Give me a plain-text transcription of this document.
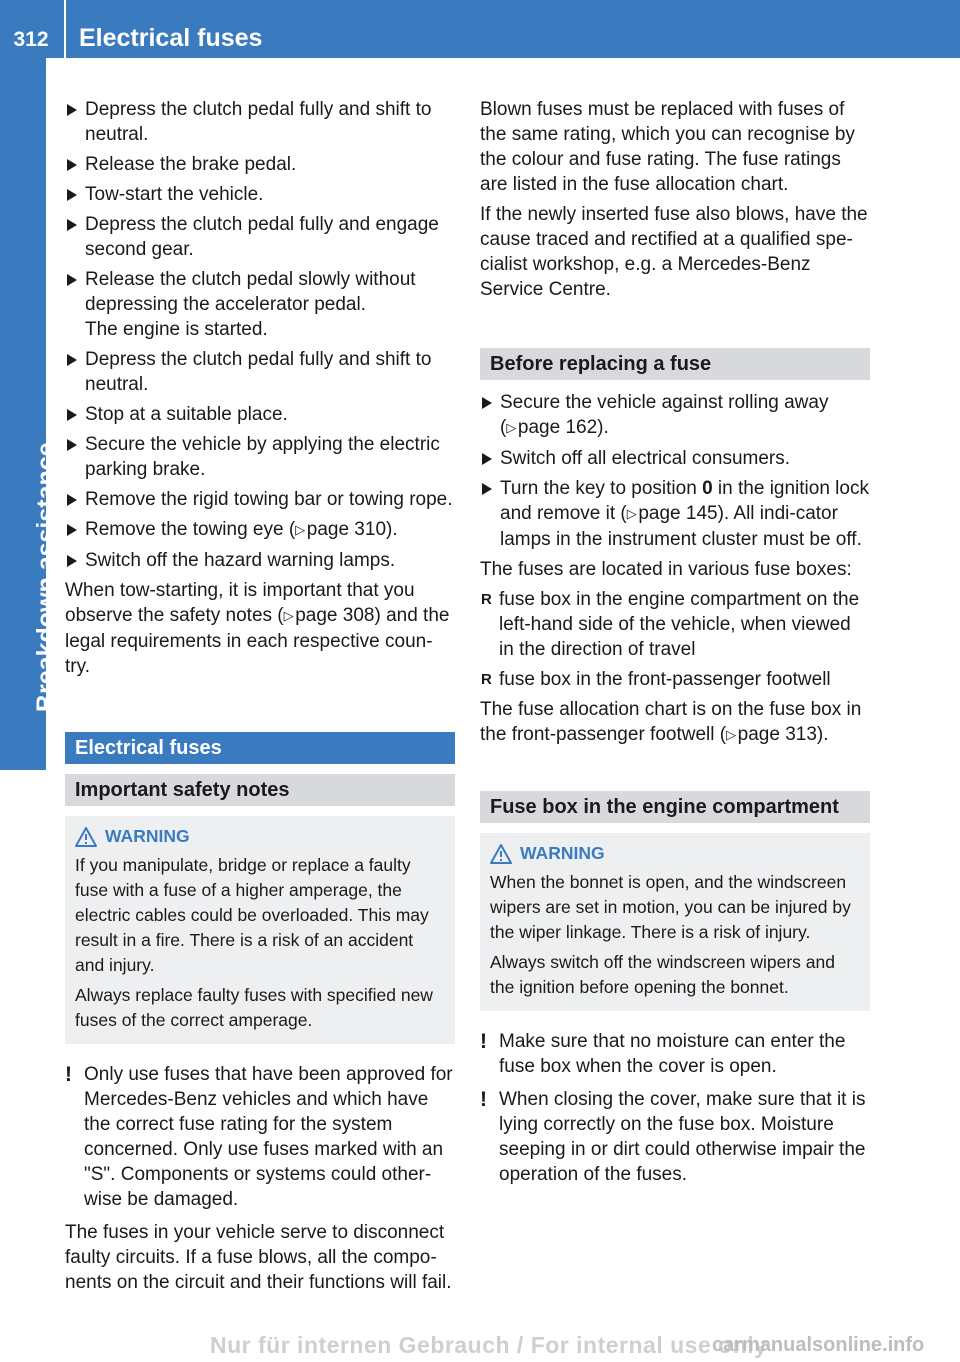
312	Electrical fuses
Breakdown assistance
Depress the clutch pedal fully and shift to neutral.
Release the brake pedal.
Tow-start the vehicle.
Depress the clutch pedal fully and engage second gear.
Release the clutch pedal slowly without depressing the accelerator pedal.
The engine is started.
Depress the clutch pedal fully and shift to neutral.
Stop at a suitable place.
Secure the vehicle by applying the electric parking brake.
Remove the rigid towing bar or towing rope.
Remove the towing eye (▷ page 310).
Switch off the hazard warning lamps.

When tow-starting, it is important that you observe the safety notes (▷ page 308) and the legal requirements in each respective coun-try.

Electrical fuses
Important safety notes
WARNING

If you manipulate, bridge or replace a faulty fuse with a fuse of a higher amperage, the electric cables could be overloaded. This may result in a fire. There is a risk of an accident and injury.

Always replace faulty fuses with specified new fuses of the correct amperage.

! Only use fuses that have been approved for Mercedes-Benz vehicles and which have the correct fuse rating for the system concerned. Only use fuses marked with an "S". Components or systems could other-wise be damaged.

The fuses in your vehicle serve to disconnect faulty circuits. If a fuse blows, all the compo-nents on the circuit and their functions will fail.

Blown fuses must be replaced with fuses of the same rating, which you can recognise by the colour and fuse rating. The fuse ratings are listed in the fuse allocation chart.

If the newly inserted fuse also blows, have the cause traced and rectified at a qualified spe-cialist workshop, e.g. a Mercedes-Benz Service Centre.

Before replacing a fuse
Secure the vehicle against rolling away (▷ page 162).
Switch off all electrical consumers.
Turn the key to position 0 in the ignition lock and remove it (▷ page 145). All indi-cator lamps in the instrument cluster must be off.

The fuses are located in various fuse boxes:

R fuse box in the engine compartment on the left-hand side of the vehicle, when viewed in the direction of travel
R fuse box in the front-passenger footwell

The fuse allocation chart is on the fuse box in the front-passenger footwell (▷ page 313).

Fuse box in the engine compartment
WARNING

When the bonnet is open, and the windscreen wipers are set in motion, you can be injured by the wiper linkage. There is a risk of injury.

Always switch off the windscreen wipers and the ignition before opening the bonnet.

! Make sure that no moisture can enter the fuse box when the cover is open.
! When closing the cover, make sure that it is lying correctly on the fuse box. Moisture seeping in or dirt could otherwise impair the operation of the fuses.
Nur für internen Gebrauch / For internal use only
carmanualsonline.info
